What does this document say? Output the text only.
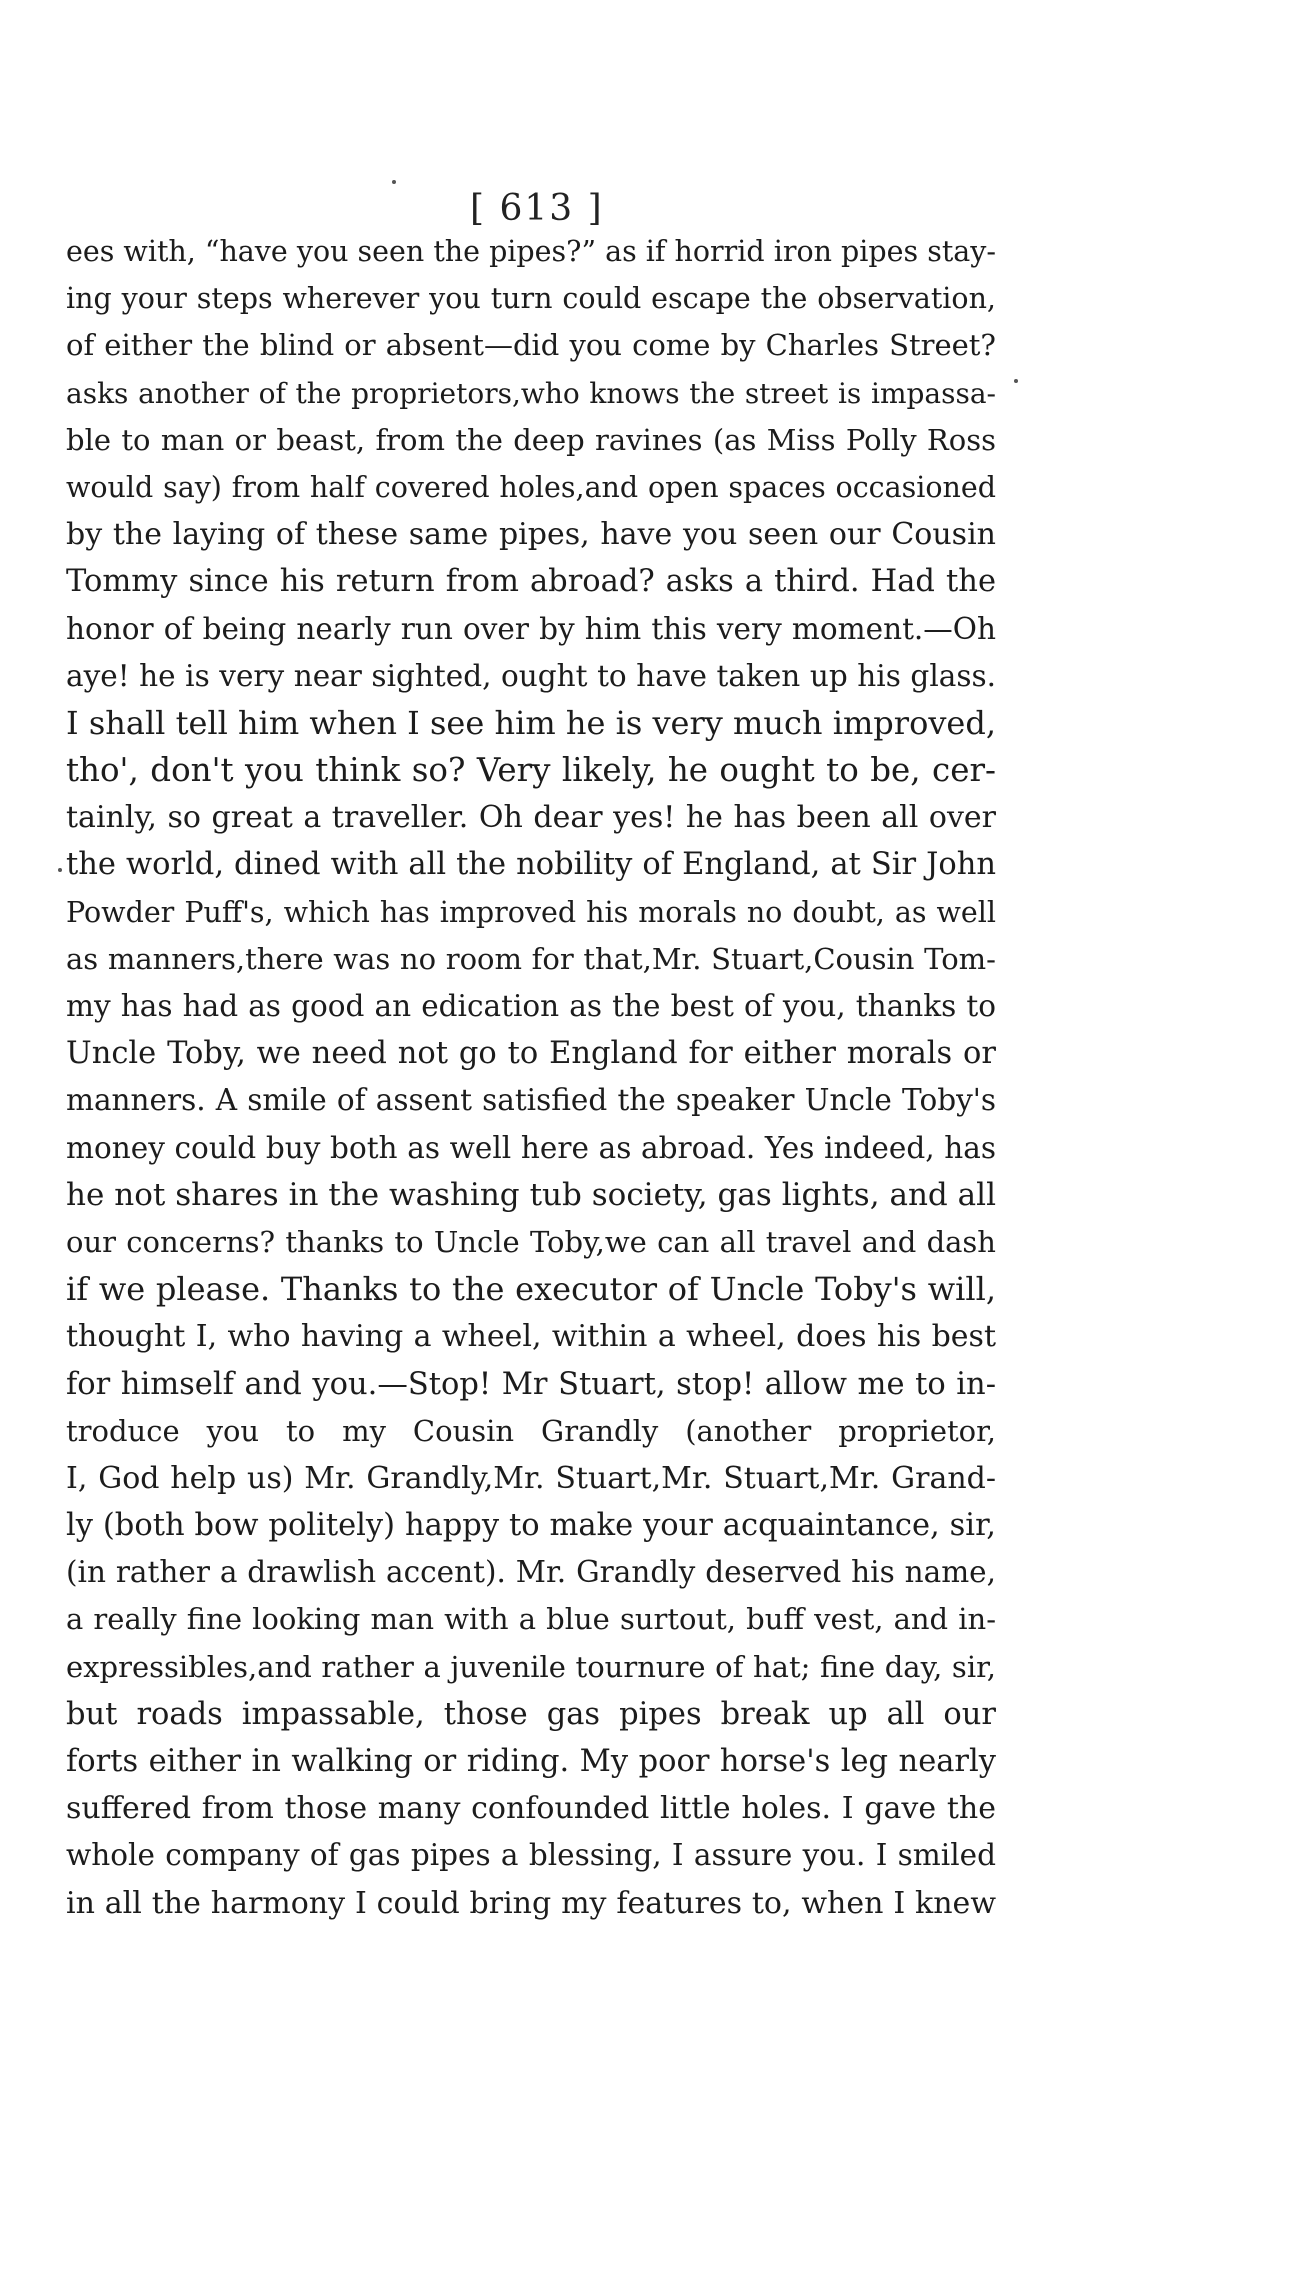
[ 613 ]
ees with, “have you seen the pipes?” as if horrid iron pipes stay-
ing your steps wherever you turn could escape the observation,
of either the blind or absent—did you come by Charles Street?
asks another of the proprietors,who knows the street is impassa-
ble to man or beast, from the deep ravines (as Miss Polly Ross
would say) from half covered holes,and open spaces occasioned
by the laying of these same pipes, have you seen our Cousin
Tommy since his return from abroad? asks a third. Had the
honor of being nearly run over by him this very moment.—Oh
aye! he is very near sighted, ought to have taken up his glass.
I shall tell him when I see him he is very much improved,
tho', don't you think so? Very likely, he ought to be, cer-
tainly, so great a traveller. Oh dear yes! he has been all over
the world, dined with all the nobility of England, at Sir John
Powder Puff's, which has improved his morals no doubt, as well
as manners,there was no room for that,Mr. Stuart,Cousin Tom-
my has had as good an edication as the best of you, thanks to
Uncle Toby, we need not go to England for either morals or
manners. A smile of assent satisfied the speaker Uncle Toby's
money could buy both as well here as abroad. Yes indeed, has
he not shares in the washing tub society, gas lights, and all
our concerns? thanks to Uncle Toby,we can all travel and dash
if we please. Thanks to the executor of Uncle Toby's will,
thought I, who having a wheel, within a wheel, does his best
for himself and you.—Stop! Mr Stuart, stop! allow me to in-
troduce you to my Cousin Grandly (another proprietor,
I, God help us) Mr. Grandly,Mr. Stuart,Mr. Stuart,Mr. Grand-
ly (both bow politely) happy to make your acquaintance, sir,
(in rather a drawlish accent). Mr. Grandly deserved his name,
a really fine looking man with a blue surtout, buff vest, and in-
expressibles,and rather a juvenile tournure of hat; fine day, sir,
but roads impassable, those gas pipes break up all our
forts either in walking or riding. My poor horse's leg nearly
suffered from those many confounded little holes. I gave the
whole company of gas pipes a blessing, I assure you. I smiled
in all the harmony I could bring my features to, when I knew
